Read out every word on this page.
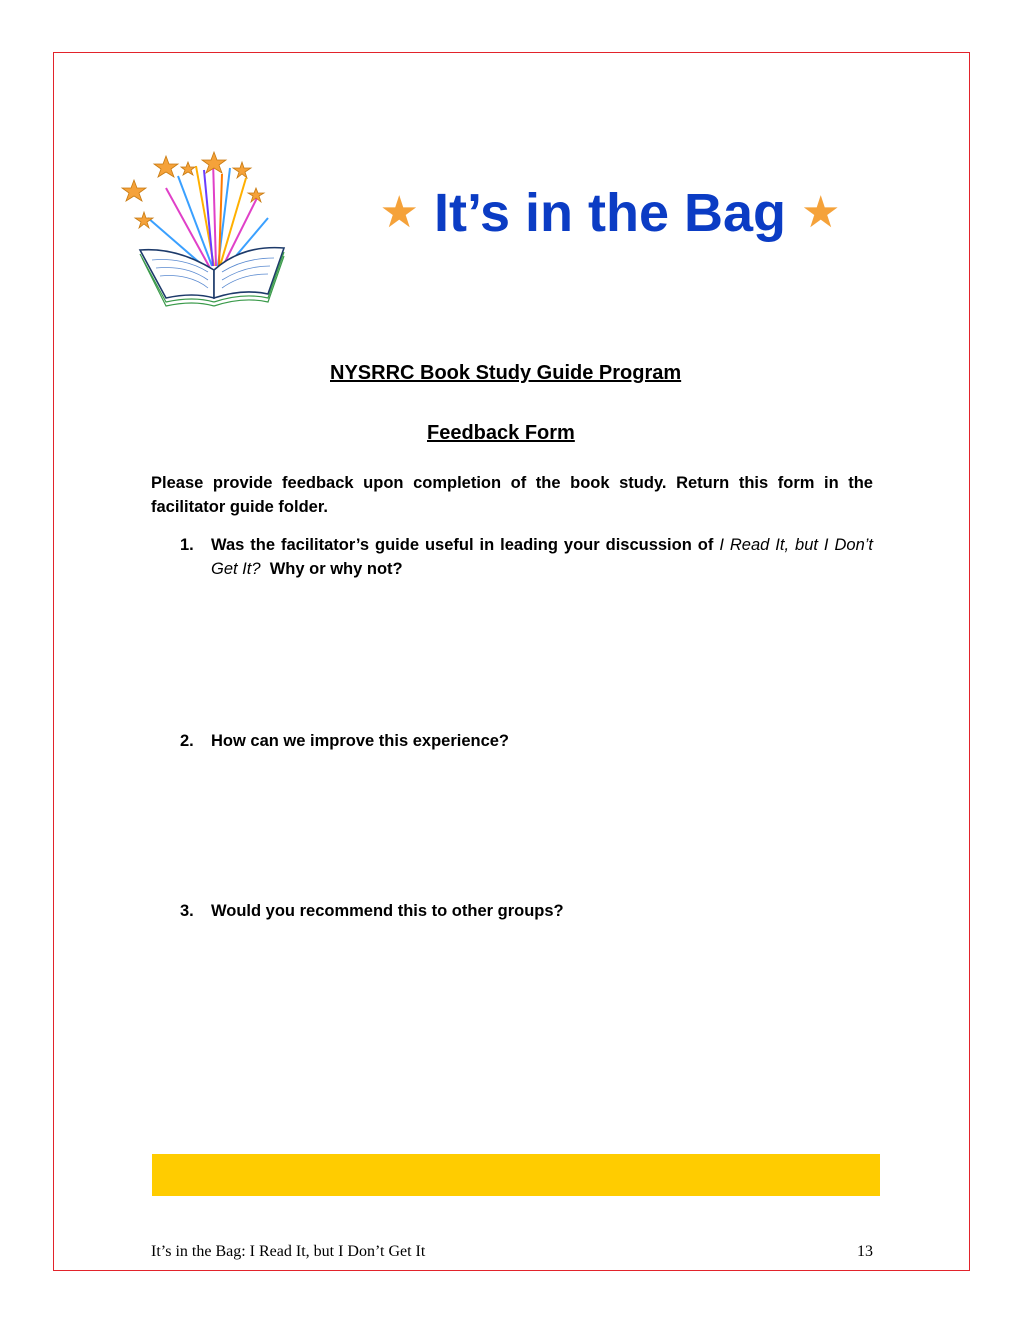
★ It’s in the Bag ★
NYSRRC Book Study Guide Program
Feedback Form
Please provide feedback upon completion of the book study. Return this form in the facilitator guide folder.
1. Was the facilitator’s guide useful in leading your discussion of I Read It, but I Don’t Get It?  Why or why not?
2. How can we improve this experience?
3. Would you recommend this to other groups?
It’s in the Bag: I Read It, but I Don’t Get It	13
